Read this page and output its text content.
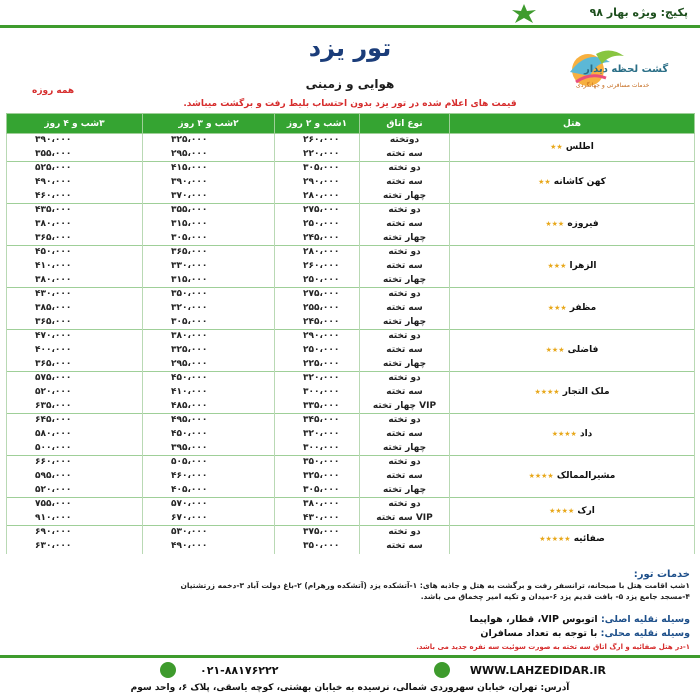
پکیج: ویژه بهار ۹۸
گشت لحظه دیدار
خدمات مسافرتی و جهانگردی
تور یزد
هوایی و زمینی
همه روزه
قیمت های اعلام شده در تور یزد بدون احتساب بلیط رفت و برگشت میباشد.
هتل	نوع اتاق	۱شب و ۲ روز	۲شب و ۳ روز	۳شب و ۴ روز
اطلس ★★	دوتخته	۲۶۰،۰۰۰	۳۲۵،۰۰۰	۳۹۰،۰۰۰
	سه تخته	۲۲۰،۰۰۰	۲۹۵،۰۰۰	۳۵۵،۰۰۰
کهن کاشانه ★★	دو تخته	۳۰۵،۰۰۰	۴۱۵،۰۰۰	۵۲۵،۰۰۰
	سه تخته	۲۹۰،۰۰۰	۳۹۰،۰۰۰	۴۹۰،۰۰۰
	چهار تخته	۲۸۰،۰۰۰	۳۷۰،۰۰۰	۴۶۰،۰۰۰
فیروزه ★★★	دو تخته	۲۷۵،۰۰۰	۳۵۵،۰۰۰	۴۳۵،۰۰۰
	سه تخته	۲۵۰،۰۰۰	۳۱۵،۰۰۰	۳۸۰،۰۰۰
	چهار تخته	۲۴۵،۰۰۰	۳۰۵،۰۰۰	۳۶۵،۰۰۰
الزهرا ★★★	دو تخته	۲۸۰،۰۰۰	۳۶۵،۰۰۰	۴۵۰،۰۰۰
	سه تخته	۲۶۰،۰۰۰	۳۳۰،۰۰۰	۴۱۰،۰۰۰
	چهار تخته	۲۵۰،۰۰۰	۳۱۵،۰۰۰	۳۸۰،۰۰۰
مظفر ★★★	دو تخته	۲۷۵،۰۰۰	۳۵۰،۰۰۰	۴۳۰،۰۰۰
	سه تخته	۲۵۵،۰۰۰	۳۲۰،۰۰۰	۳۸۵،۰۰۰
	چهار تخته	۲۴۵،۰۰۰	۳۰۵،۰۰۰	۳۶۵،۰۰۰
فاضلی ★★★	دو تخته	۲۹۰،۰۰۰	۳۸۰،۰۰۰	۴۷۰،۰۰۰
	سه تخته	۲۵۰،۰۰۰	۳۲۵،۰۰۰	۴۰۰،۰۰۰
	چهار تخته	۲۲۵،۰۰۰	۲۹۵،۰۰۰	۳۶۵،۰۰۰
ملک التجار ★★★★	دو تخته	۳۲۰،۰۰۰	۴۵۰،۰۰۰	۵۷۵،۰۰۰
	سه تخته	۳۰۰،۰۰۰	۴۱۰،۰۰۰	۵۲۰،۰۰۰
	VIP چهار تخته	۳۳۵،۰۰۰	۴۸۵،۰۰۰	۶۳۵،۰۰۰
داد ★★★★	دو تخته	۳۴۵،۰۰۰	۴۹۵،۰۰۰	۶۴۵،۰۰۰
	سه تخته	۳۲۰،۰۰۰	۴۵۰،۰۰۰	۵۸۰،۰۰۰
	چهار تخته	۳۰۰،۰۰۰	۳۹۵،۰۰۰	۵۰۰،۰۰۰
مشیرالممالک ★★★★	دو تخته	۳۵۰،۰۰۰	۵۰۵،۰۰۰	۶۶۰،۰۰۰
	سه تخته	۳۲۵،۰۰۰	۴۶۰،۰۰۰	۵۹۵،۰۰۰
	چهار تخته	۳۰۵،۰۰۰	۴۰۵،۰۰۰	۵۲۰،۰۰۰
ارک ★★★★	دو تخته	۳۸۰،۰۰۰	۵۷۰،۰۰۰	۷۵۵،۰۰۰
	VIP سه تخته	۴۳۰،۰۰۰	۶۷۰،۰۰۰	۹۱۰،۰۰۰
صفائیه ★★★★★	دو تخته	۳۷۵،۰۰۰	۵۳۰،۰۰۰	۶۹۰،۰۰۰
	سه تخته	۳۵۰،۰۰۰	۴۹۰،۰۰۰	۶۳۰،۰۰۰
خدمات تور:
۱شب اقامت هتل با صبحانه، ترانسفر رفت و برگشت به هتل و جاذبه های: ۱-آتشکده یزد (آتشکده ورهرام) ۲-باغ دولت آباد ۳-دخمه زرتشتیان
۴-مسجد جامع یزد ۵- بافت قدیم یزد ۶-میدان و تکیه امیر چخماق می باشد.
وسیله نقلیه اصلی: اتوبوس VIP، قطار، هواپیما
وسیله نقلیه محلی: با توجه به تعداد مسافران
۱-در هتل صفائیه و ارگ اتاق سه تخته به صورت سوئیت سه نفره جدید می باشد.
WWW.LAHZEDIDAR.IR
۰۲۱-۸۸۱۷۶۲۲۲
آدرس: تهران، خیابان سهروردی شمالی، نرسیده به خیابان بهشتی، کوچه یاسقی، پلاک ۶، واحد سوم
